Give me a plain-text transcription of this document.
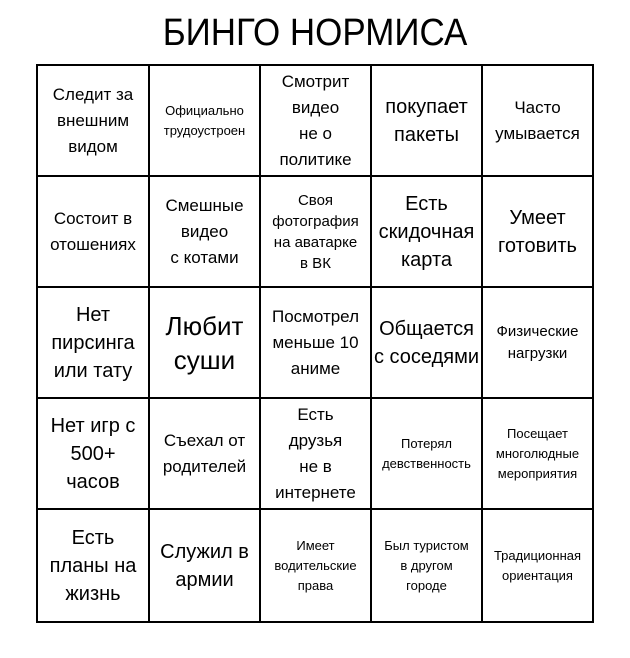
БИНГО НОРМИСА
Следит за
внешним
видом
Официально
трудоустроен
Смотрит
видео
не о
политике
покупает
пакеты
Часто
умывается
Состоит в
отошениях
Смешные
видео
с котами
Своя
фотография
на аватарке
в ВК
Есть
скидочная
карта
Умеет
готовить
Нет
пирсинга
или тату
Любит
суши
Посмотрел
меньше 10
аниме
Общается
с соседями
Физические
нагрузки
Нет игр с
500+
часов
Съехал от
родителей
Есть
друзья
не в
интернете
Потерял
девственность
Посещает
многолюдные
мероприятия
Есть
планы на
жизнь
Служил в
армии
Имеет
водительские
права
Был туристом
в другом
городе
Традиционная
ориентация
